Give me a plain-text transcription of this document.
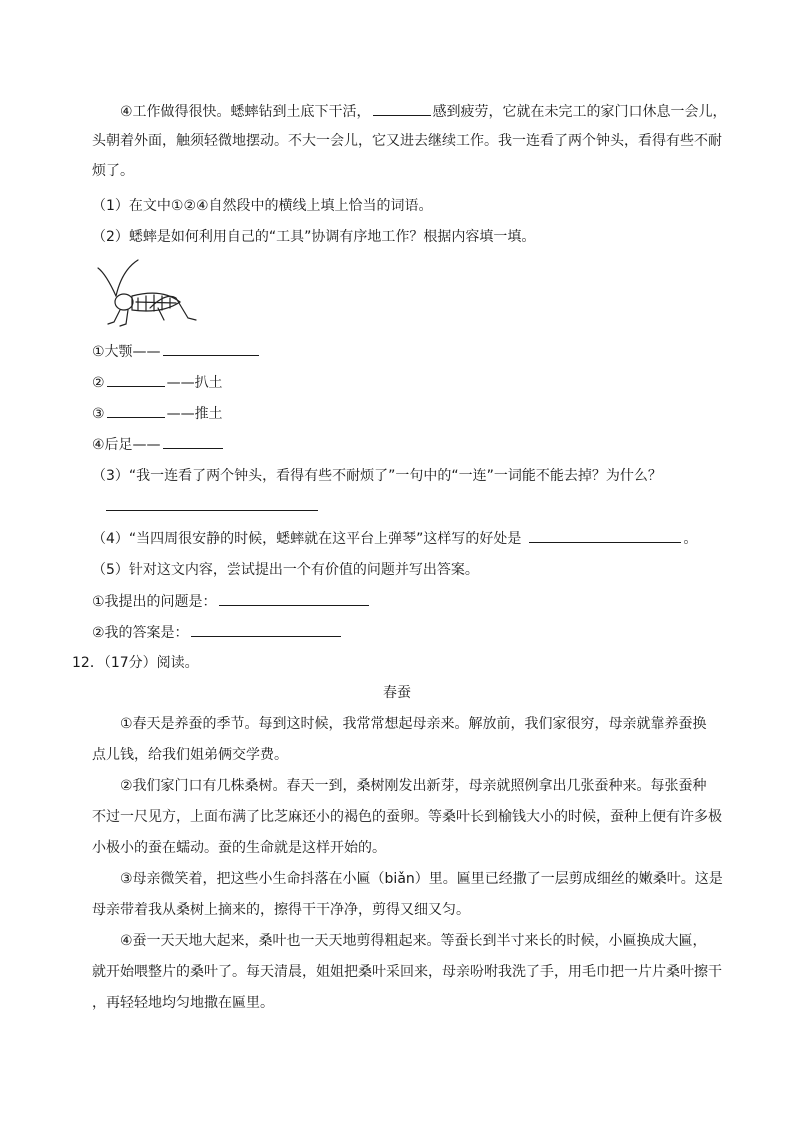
④工作做得很快。蟋蟀钻到土底下干活，	感到疲劳，它就在未完工的家门口休息一会儿，
头朝着外面，触须轻微地摆动。不大一会儿，它又进去继续工作。我一连看了两个钟头，看得有些不耐
烦了。
（1）在文中①②④自然段中的横线上填上恰当的词语。
（2）蟋蟀是如何利用自己的“工具”协调有序地工作？根据内容填一填。
①大颚——
②	——扒土
③	——推土
④后足——
（3）“我一连看了两个钟头，看得有些不耐烦了”一句中的“一连”一词能不能去掉？为什么？
（4）“当四周很安静的时候，蟋蟀就在这平台上弹琴”这样写的好处是	。
（5）针对这文内容，尝试提出一个有价值的问题并写出答案。
①我提出的问题是：
②我的答案是：
12．（17分）阅读。
春蚕
①春天是养蚕的季节。每到这时候，我常常想起母亲来。解放前，我们家很穷，母亲就靠养蚕换
点儿钱，给我们姐弟俩交学费。
②我们家门口有几株桑树。春天一到，桑树刚发出新芽，母亲就照例拿出几张蚕种来。每张蚕种
不过一尺见方，上面布满了比芝麻还小的褐色的蚕卵。等桑叶长到榆钱大小的时候，蚕种上便有许多极
小极小的蚕在蠕动。蚕的生命就是这样开始的。
③母亲微笑着，把这些小生命抖落在小匾（biǎn）里。匾里已经撒了一层剪成细丝的嫩桑叶。这是
母亲带着我从桑树上摘来的，擦得干干净净，剪得又细又匀。
④蚕一天天地大起来，桑叶也一天天地剪得粗起来。等蚕长到半寸来长的时候，小匾换成大匾，
就开始喂整片的桑叶了。每天清晨，姐姐把桑叶采回来，母亲吩咐我洗了手，用毛巾把一片片桑叶擦干
，再轻轻地均匀地撒在匾里。
